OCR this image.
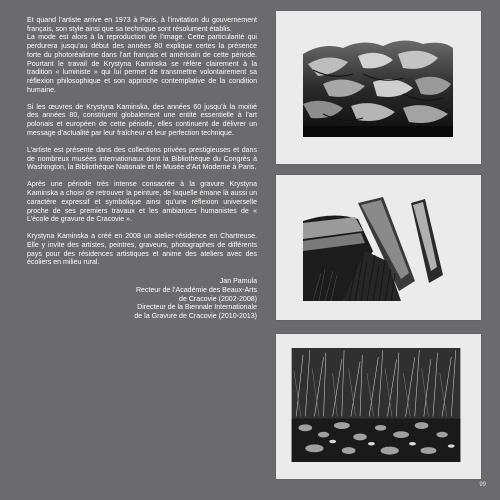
Et quand l’artiste arrive en 1973 à Paris, à l’invitation du gouvernement français, son style ainsi que sa technique sont résolument établis.
La mode est alors à la reproduction de l’image. Cette particularité qui perdurera jusqu’au début des années 80 explique certes la présence forte du photoréalisme dans l’art français et américain de cette période. Pourtant le travail de Krystyna Kaminska se réfère clairement à la tradition « luministe » qui lui permet de transmettre volontairement sa réflexion philosophique et son approche contemplative de la condition humaine.

Si les œuvres de Krystyna Kaminska, des années 60 jusqu’à la moitié des années 80, constituent globalement une entité essentielle à l’art polonais et européen de cette période, elles continuent de délivrer un message d’actualité par leur fraîcheur et leur perfection technique.

L’artiste est présente dans des collections privées prestigieuses et dans de nombreux musées internationaux dont la Bibliothèque du Congrès à Washington, la Bibliothèque Nationale et le Musée d’Art Moderne à Paris.

Après une période très intense consacrée à la gravure Krystyna Kaminska a choisi de retrouver la peinture, de laquelle émane là aussi un caractère expressif et symbolique ainsi qu’une réflexion universelle proche de ses premiers travaux et les ambiances humanistes de « L’école de gravure de Cracovie ».

Krystyna Kaminska a créé en 2008 un atelier-résidence en Chartreuse. Elle y invite des artistes, peintres, graveurs, photographes de différents pays pour des résidences artistiques et anime des ateliers avec des écoliers en milieu rural.

Jan Pamula
Recteur de l’Académie des Beaux-Arts
de Cracovie (2002-2008)
Directeur de la Biennale Internationale
de la Gravure de Cracovie (2010-2013)
99
